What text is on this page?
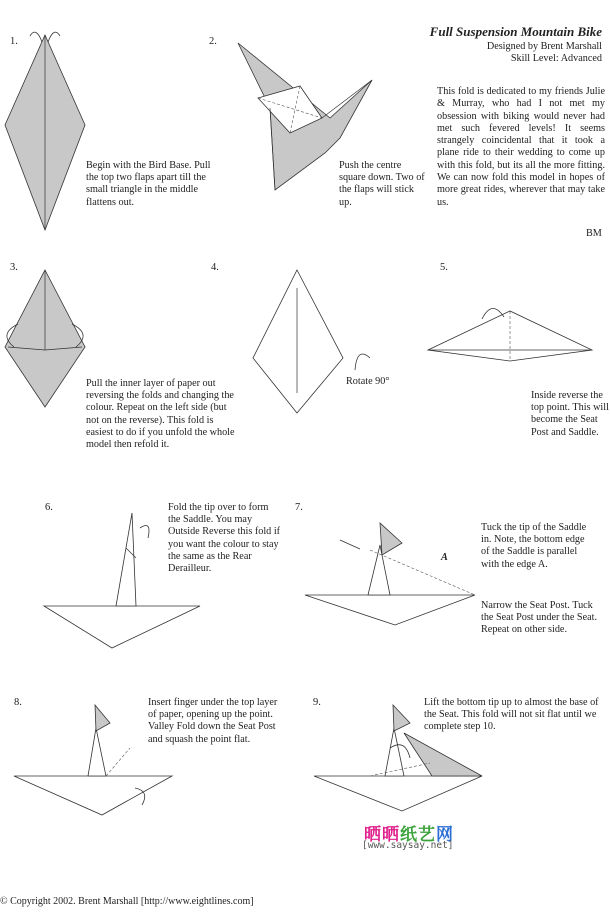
Full Suspension Mountain Bike
Designed by Brent Marshall
Skill Level: Advanced
This fold is dedicated to my friends Julie & Murray, who had I not met my obsession with biking would never had met such fevered levels! It seems strangely coincidental that it took a plane ride to their wedding to come up with this fold, but its all the more fitting. We can now fold this model in hopes of more great rides, wherever that may take us.
BM
1.
Begin with the Bird Base. Pull the top two flaps apart till the small triangle in the middle flattens out.
2.
Push the centre square down. Two of the flaps will stick up.
3.
Pull the inner layer of paper out reversing the folds and changing the colour. Repeat on the left side (but not on the reverse). This fold is easiest to do if you unfold the whole model then refold it.
4.
Rotate 90°
5.
Inside reverse the top point. This will become the Seat Post and Saddle.
6.	Fold the tip over to form the Saddle. You may Outside Reverse this fold if you want the colour to stay the same as the Rear Derailleur.
7.
A
Tuck the tip of the Saddle in. Note, the bottom edge of the Saddle is parallel with the edge A.
Narrow the Seat Post. Tuck the Seat Post under the Seat. Repeat on other side.
8.	Insert finger under the top layer of paper, opening up the point. Valley Fold down the Seat Post and squash the point flat.
9.	Lift the bottom tip up to almost the base of the Seat. This fold will not sit flat until we complete step 10.
晒晒纸艺网
[www.saysay.net]
© Copyright 2002. Brent Marshall [http://www.eightlines.com]
